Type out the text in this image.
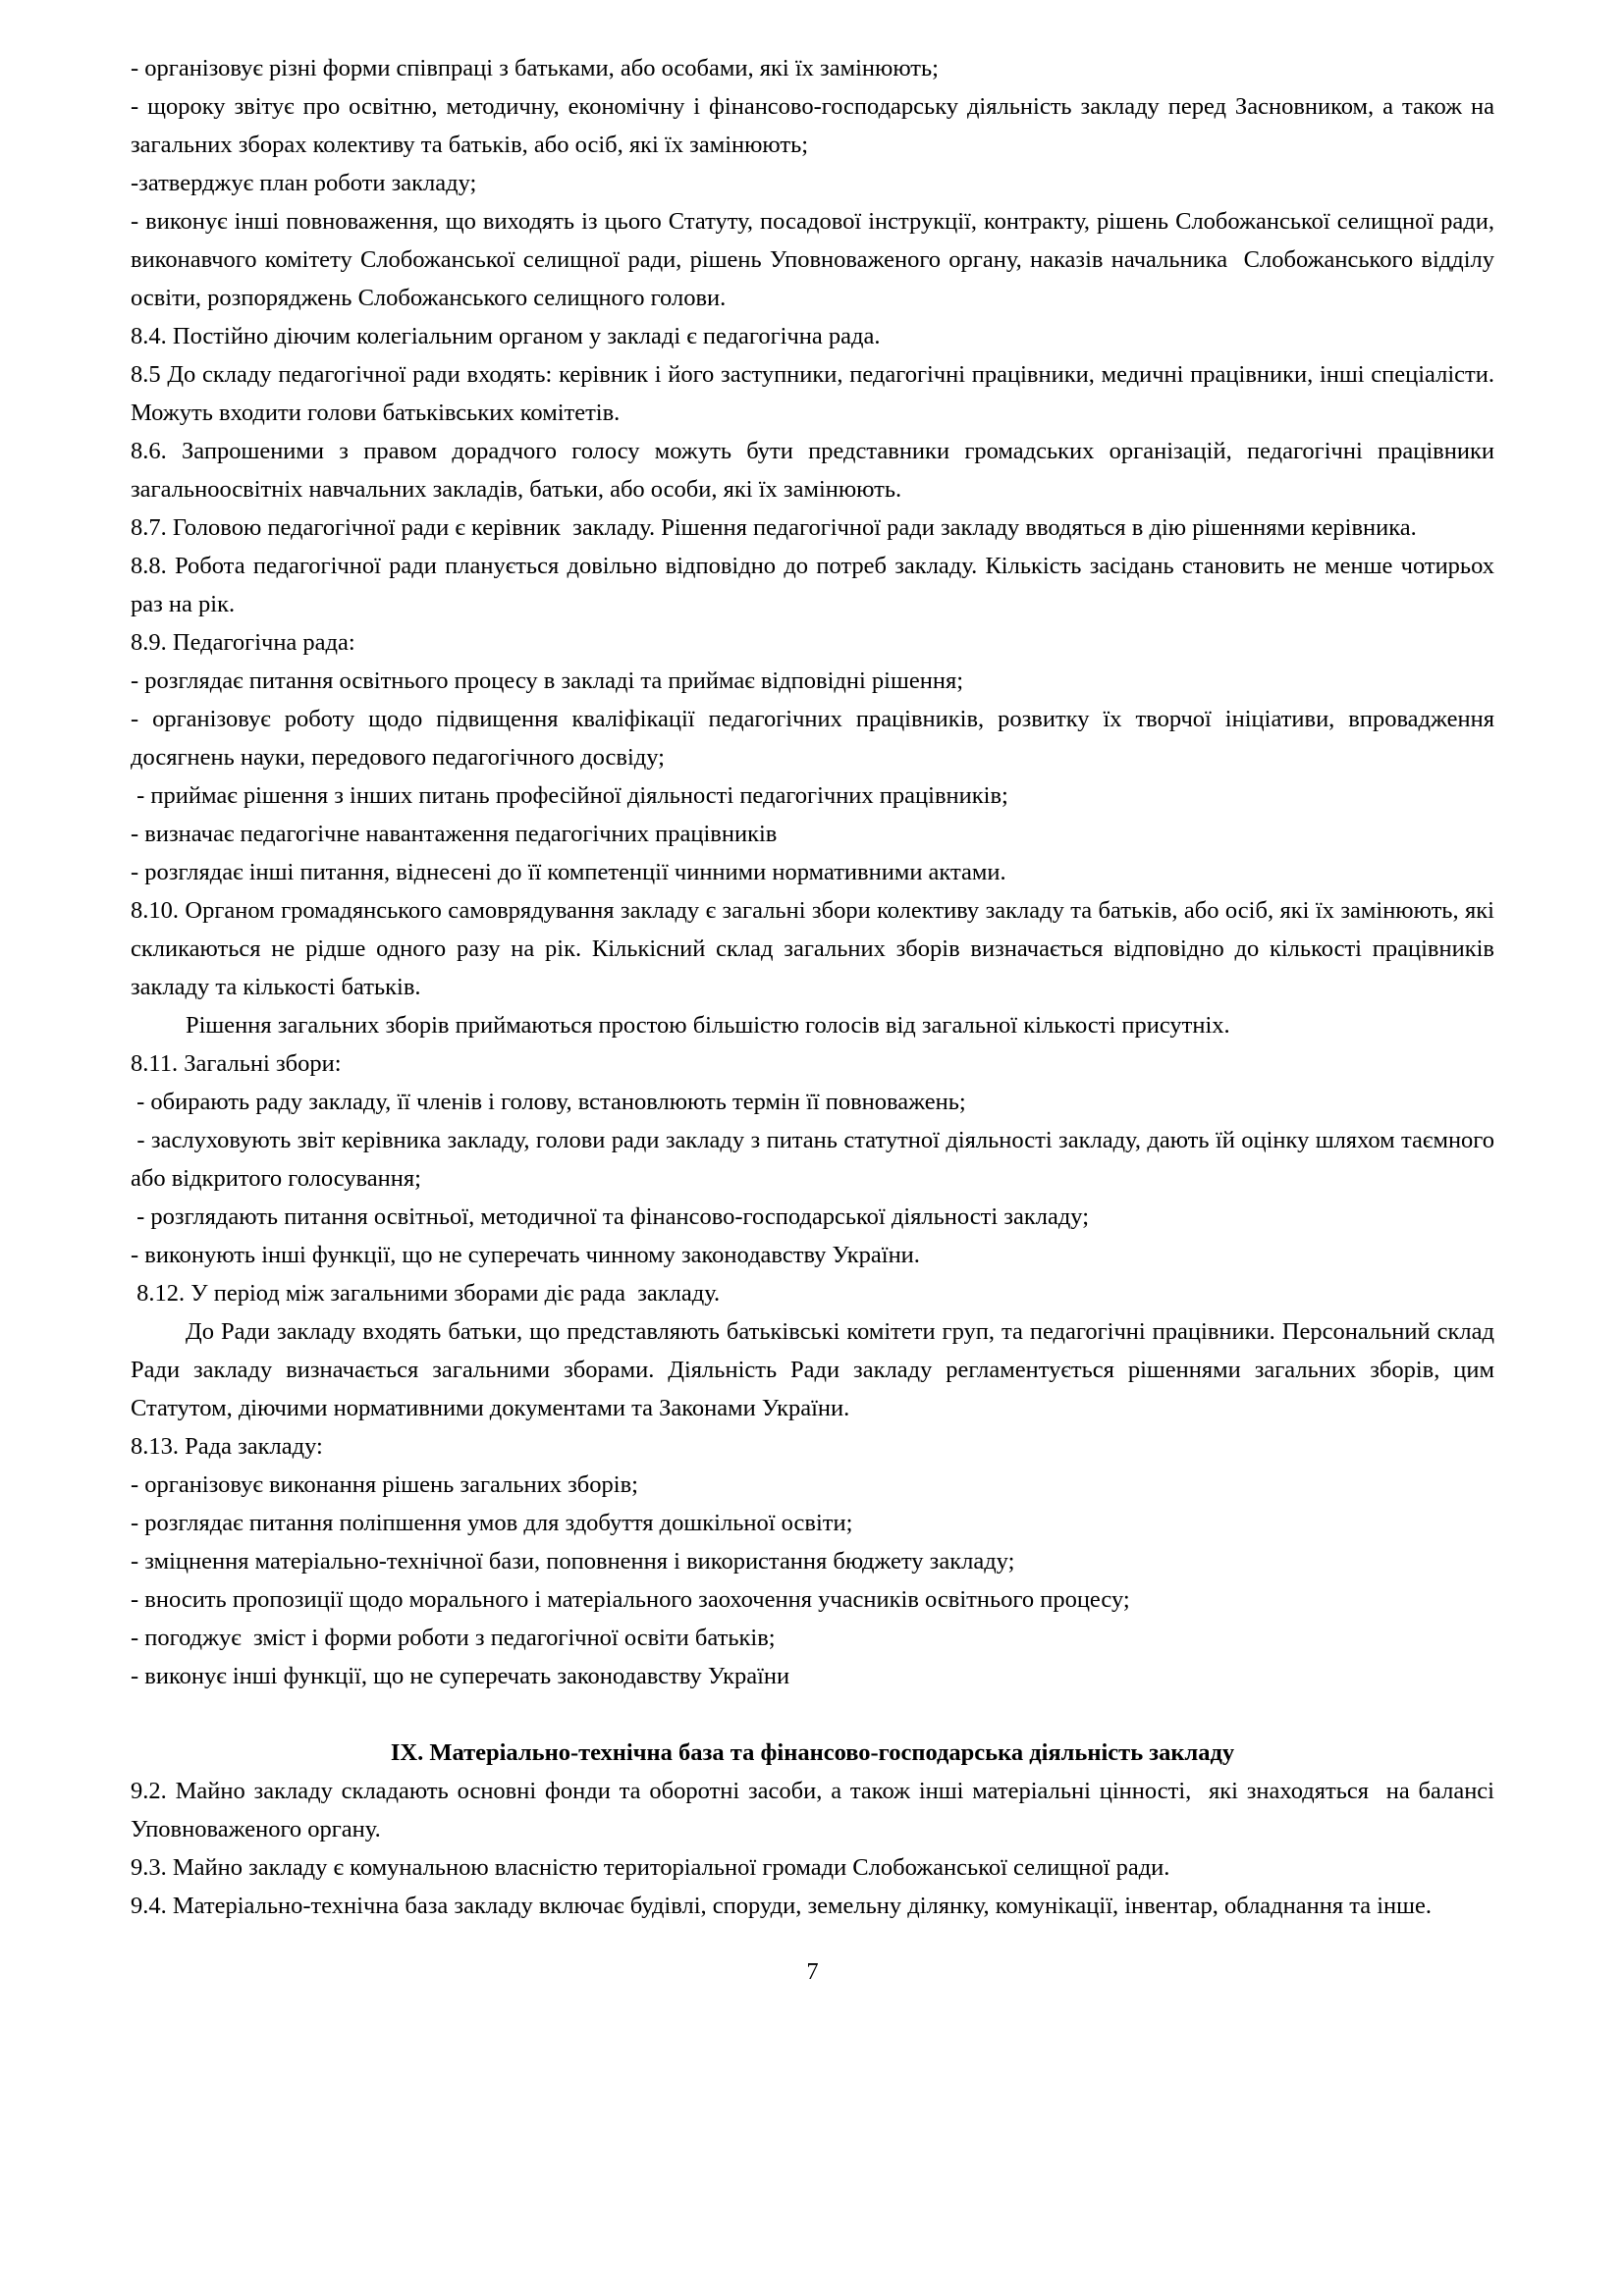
- організовує різні форми співпраці з батьками, або особами, які їх замінюють;

- щороку звітує про освітню, методичну, економічну і фінансово-господарську діяльність закладу перед Засновником, а також на загальних зборах колективу та батьків, або осіб, які їх замінюють;

-затверджує план роботи закладу;

- виконує інші повноваження, що виходять із цього Статуту, посадової інструкції, контракту, рішень Слобожанської селищної ради, виконавчого комітету Слобожанської селищної ради, рішень Уповноваженого органу, наказів начальника  Слобожанського відділу освіти, розпоряджень Слобожанського селищного голови.

8.4. Постійно діючим колегіальним органом у закладі є педагогічна рада.

8.5 До складу педагогічної ради входять: керівник і його заступники, педагогічні працівники, медичні працівники, інші спеціалісти. Можуть входити голови батьківських комітетів.

8.6. Запрошеними з правом дорадчого голосу можуть бути представники громадських організацій, педагогічні працівники загальноосвітніх навчальних закладів, батьки, або особи, які їх замінюють.

8.7. Головою педагогічної ради є керівник  закладу. Рішення педагогічної ради закладу вводяться в дію рішеннями керівника.

8.8. Робота педагогічної ради планується довільно відповідно до потреб закладу. Кількість засідань становить не менше чотирьох раз на рік.

8.9. Педагогічна рада:

- розглядає питання освітнього процесу в закладі та приймає відповідні рішення;

- організовує роботу щодо підвищення кваліфікації педагогічних працівників, розвитку їх творчої ініціативи, впровадження досягнень науки, передового педагогічного досвіду;

- приймає рішення з інших питань професійної діяльності педагогічних працівників;

- визначає педагогічне навантаження педагогічних працівників

- розглядає інші питання, віднесені до її компетенції чинними нормативними актами.

8.10. Органом громадянського самоврядування закладу є загальні збори колективу закладу та батьків, або осіб, які їх замінюють, які скликаються не рідше одного разу на рік. Кількісний склад загальних зборів визначається відповідно до кількості працівників закладу та кількості батьків.

Рішення загальних зборів приймаються простою більшістю голосів від загальної кількості присутніх.

8.11. Загальні збори:

- обирають раду закладу, її членів і голову, встановлюють термін її повноважень;

- заслуховують звіт керівника закладу, голови ради закладу з питань статутної діяльності закладу, дають їй оцінку шляхом таємного або відкритого голосування;

- розглядають питання освітньої, методичної та фінансово-господарської діяльності закладу;

- виконують інші функції, що не суперечать чинному законодавству України.

8.12. У період між загальними зборами діє рада  закладу.

До Ради закладу входять батьки, що представляють батьківські комітети груп, та педагогічні працівники. Персональний склад Ради закладу визначається загальними зборами. Діяльність Ради закладу регламентується рішеннями загальних зборів, цим Статутом, діючими нормативними документами та Законами України.

8.13. Рада закладу:

- організовує виконання рішень загальних зборів;

- розглядає питання поліпшення умов для здобуття дошкільної освіти;

- зміцнення матеріально-технічної бази, поповнення і використання бюджету закладу;

- вносить пропозиції щодо морального і матеріального заохочення учасників освітнього процесу;

- погоджує  зміст і форми роботи з педагогічної освіти батьків;

- виконує інші функції, що не суперечать законодавству України

IX. Матеріально-технічна база та фінансово-господарська діяльність закладу

9.2. Майно закладу складають основні фонди та оборотні засоби, а також інші матеріальні цінності,  які знаходяться  на балансі Уповноваженого органу.

9.3. Майно закладу є комунальною власністю територіальної громади Слобожанської селищної ради.

9.4. Матеріально-технічна база закладу включає будівлі, споруди, земельну ділянку, комунікації, інвентар, обладнання та інше.

7
